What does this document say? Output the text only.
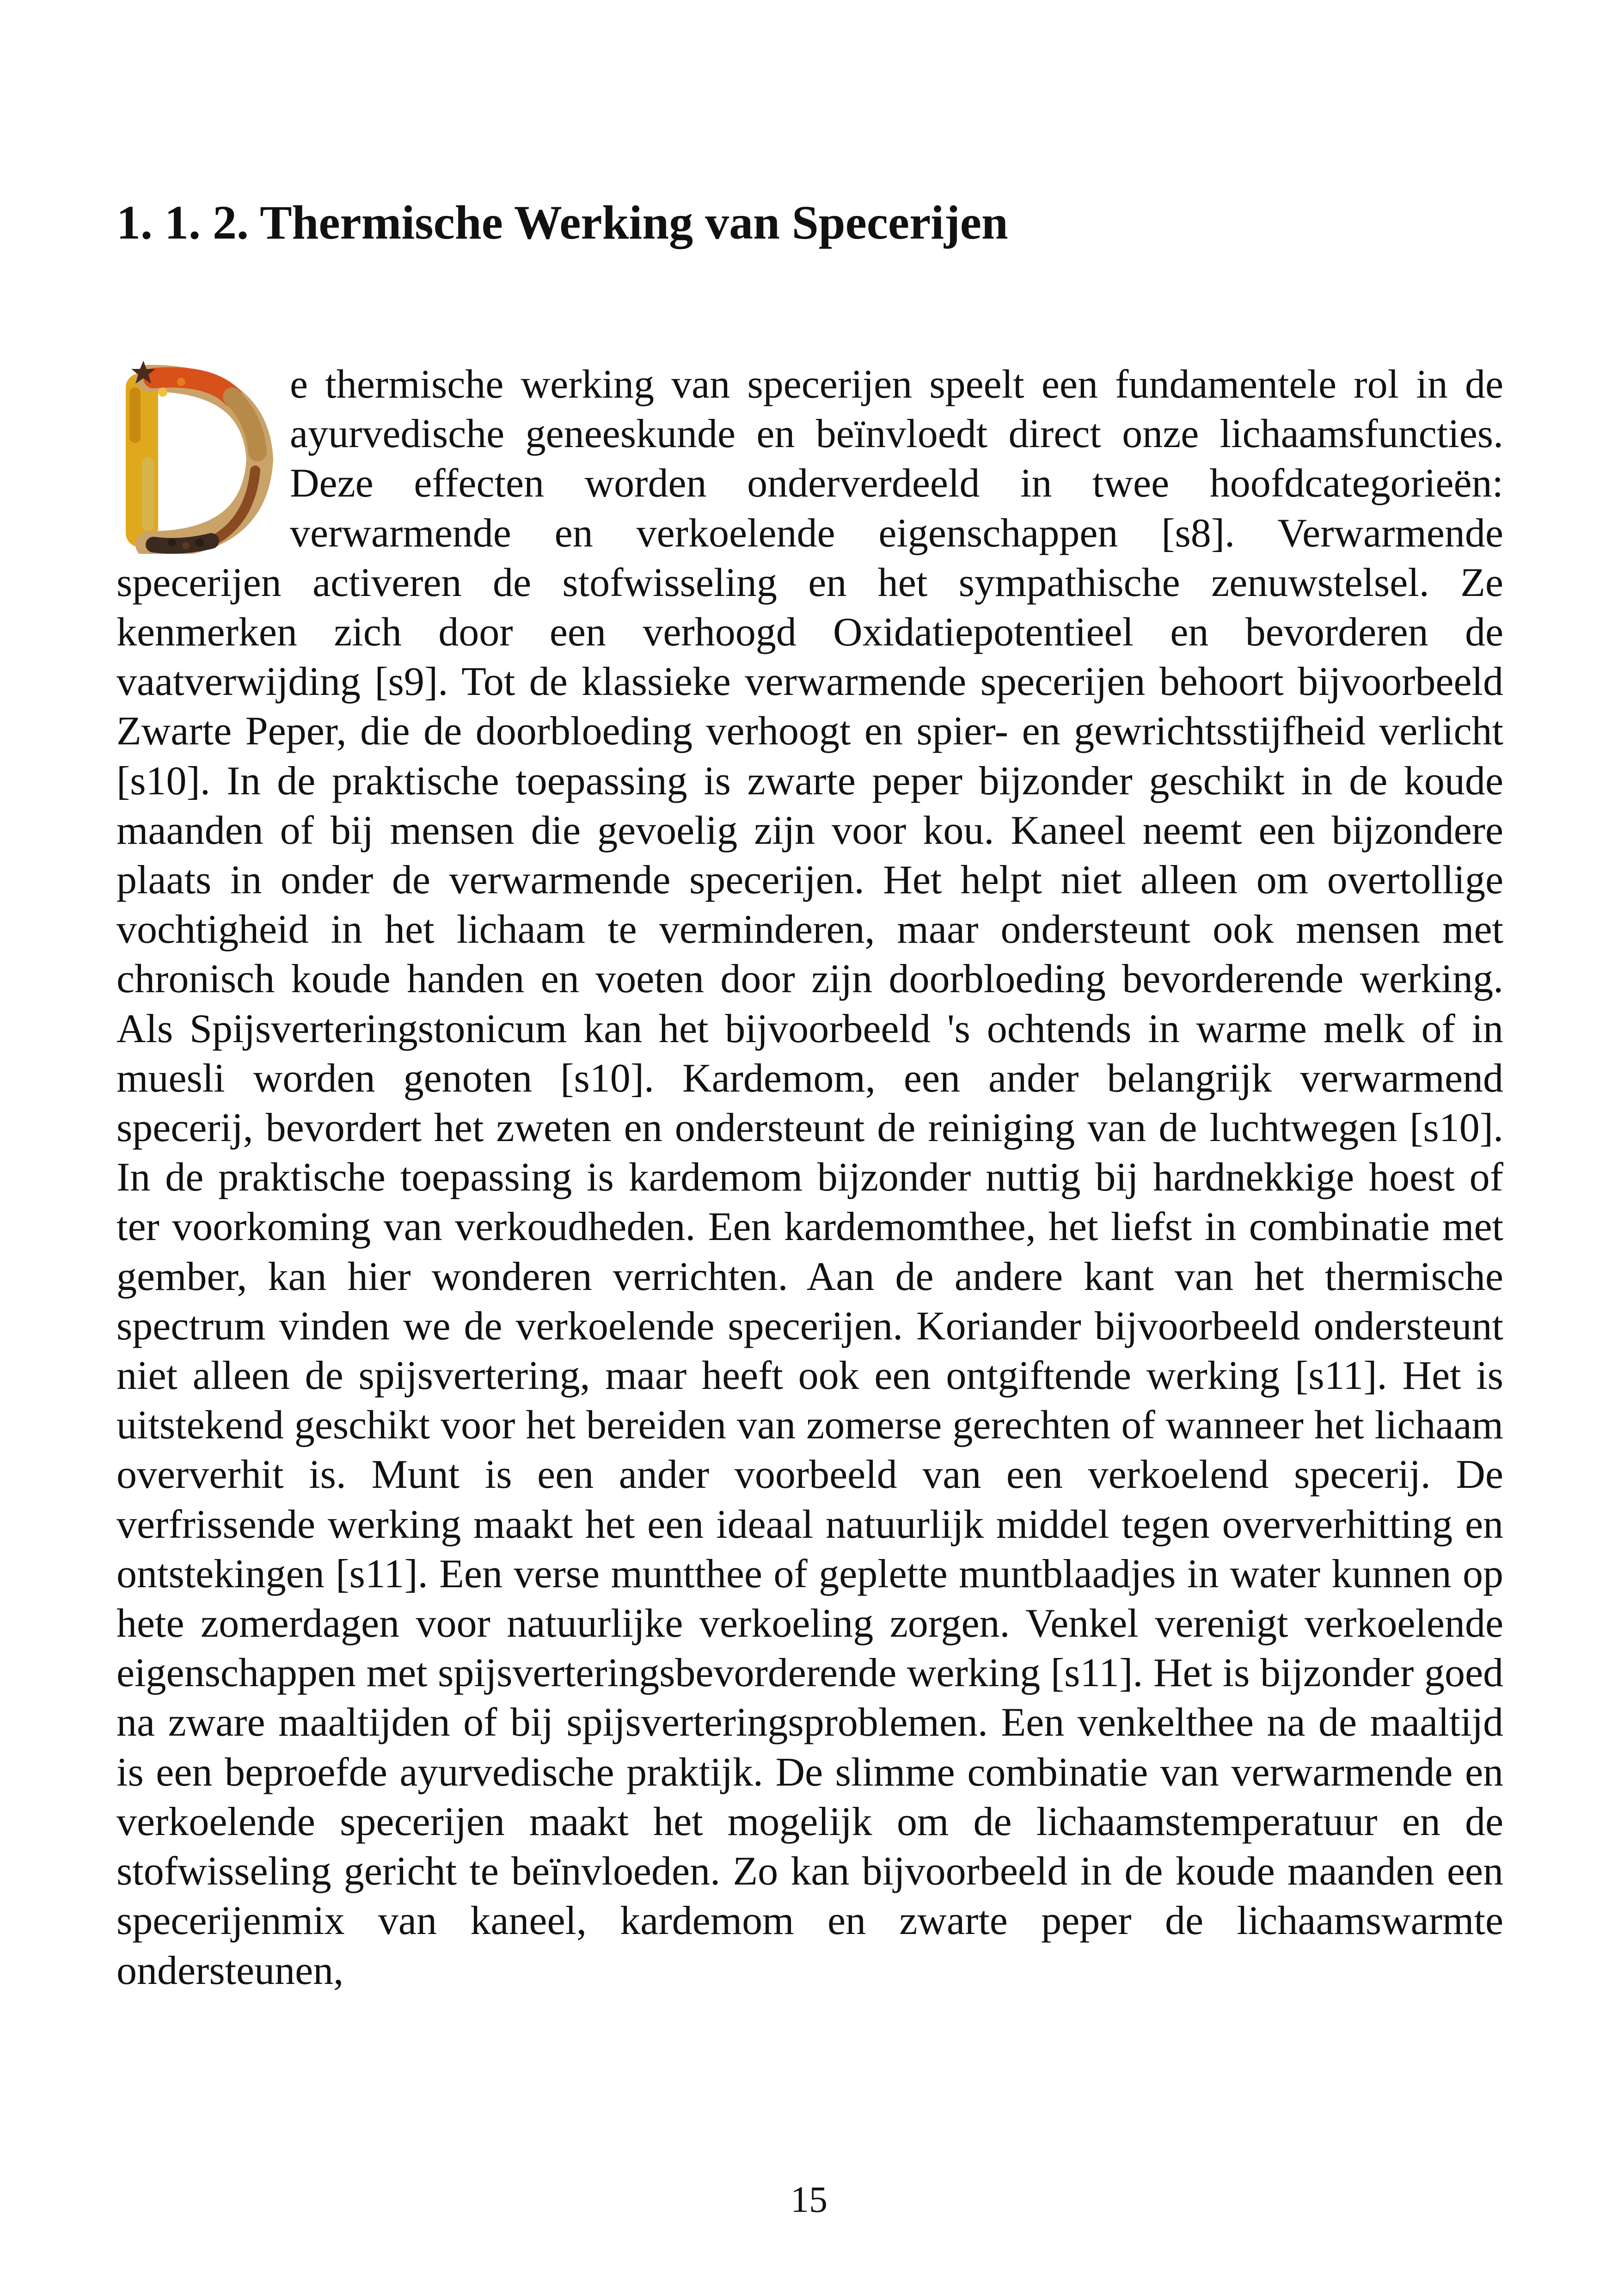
1. 1. 2. Thermische Werking van Specerijen
e thermische werking van specerijen speelt een fundamentele rol in de ayurvedische geneeskunde en beïnvloedt direct onze lichaamsfuncties. Deze effecten worden onderverdeeld in twee hoofdcategorieën: verwarmende en verkoelende eigenschappen [s8]. Verwarmende specerijen activeren de stofwisseling en het sympathische zenuwstelsel. Ze kenmerken zich door een verhoogd Oxidatiepotentieel en bevorderen de vaatverwijding [s9]. Tot de klassieke verwarmende specerijen behoort bijvoorbeeld Zwarte Peper, die de doorbloeding verhoogt en spier- en gewrichtsstijfheid verlicht [s10]. In de praktische toepassing is zwarte peper bijzonder geschikt in de koude maanden of bij mensen die gevoelig zijn voor kou. Kaneel neemt een bijzondere plaats in onder de verwarmende specerijen. Het helpt niet alleen om overtollige vochtigheid in het lichaam te verminderen, maar ondersteunt ook mensen met chronisch koude handen en voeten door zijn doorbloeding bevorderende werking. Als Spijsverteringstonicum kan het bijvoorbeeld 's ochtends in warme melk of in muesli worden genoten [s10]. Kardemom, een ander belangrijk verwarmend specerij, bevordert het zweten en ondersteunt de reiniging van de luchtwegen [s10]. In de praktische toepassing is kardemom bijzonder nuttig bij hardnekkige hoest of ter voorkoming van verkoudheden. Een kardemomthee, het liefst in combinatie met gember, kan hier wonderen verrichten. Aan de andere kant van het thermische spectrum vinden we de verkoelende specerijen. Koriander bijvoorbeeld ondersteunt niet alleen de spijsvertering, maar heeft ook een ontgiftende werking [s11]. Het is uitstekend geschikt voor het bereiden van zomerse gerechten of wanneer het lichaam oververhit is. Munt is een ander voorbeeld van een verkoelend specerij. De verfrissende werking maakt het een ideaal natuurlijk middel tegen oververhitting en ontstekingen [s11]. Een verse muntthee of geplette muntblaadjes in water kunnen op hete zomerdagen voor natuurlijke verkoeling zorgen. Venkel verenigt verkoelende eigenschappen met spijsverteringsbevorderende werking [s11]. Het is bijzonder goed na zware maaltijden of bij spijsverteringsproblemen. Een venkelthee na de maaltijd is een beproefde ayurvedische praktijk. De slimme combinatie van verwarmende en verkoelende specerijen maakt het mogelijk om de lichaamstemperatuur en de stofwisseling gericht te beïnvloeden. Zo kan bijvoorbeeld in de koude maanden een specerijenmix van kaneel, kardemom en zwarte peper de lichaamswarmte ondersteunen,
15
